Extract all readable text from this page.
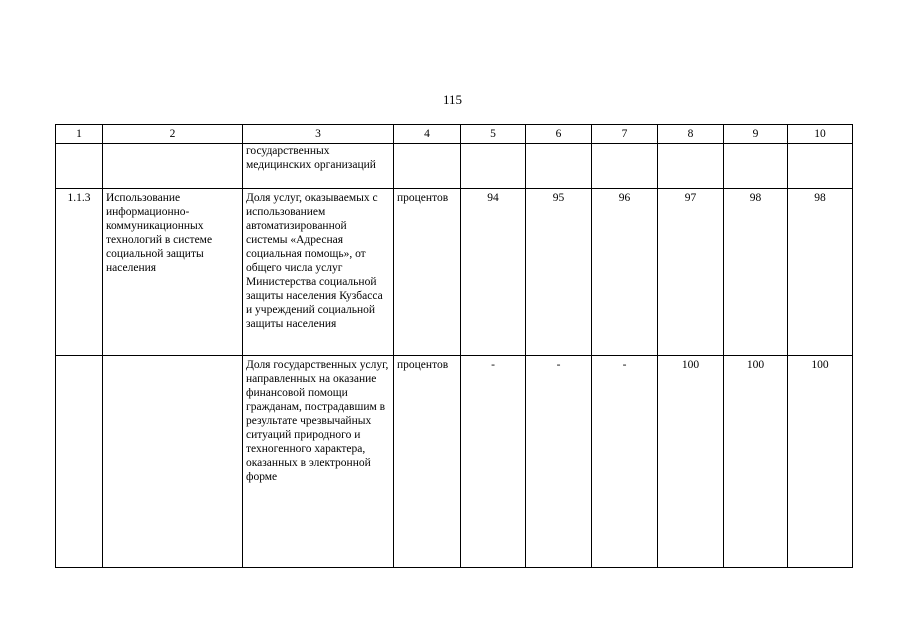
115
1	2	3	4	5	6	7	8	9	10
		государственных медицинских организаций							
1.1.3	Использование информационно-коммуникационных технологий в системе социальной защиты населения	Доля услуг, оказываемых с использованием автоматизированной системы «Адресная социальная помощь», от общего числа услуг Министерства социальной защиты населения Кузбасса и учреждений социальной защиты населения	процентов	94	95	96	97	98	98
		Доля государственных услуг, направленных на оказание финансовой помощи гражданам, пострадавшим в результате чрезвычайных ситуаций природного и техногенного характера, оказанных в электронной форме	процентов	-	-	-	100	100	100
